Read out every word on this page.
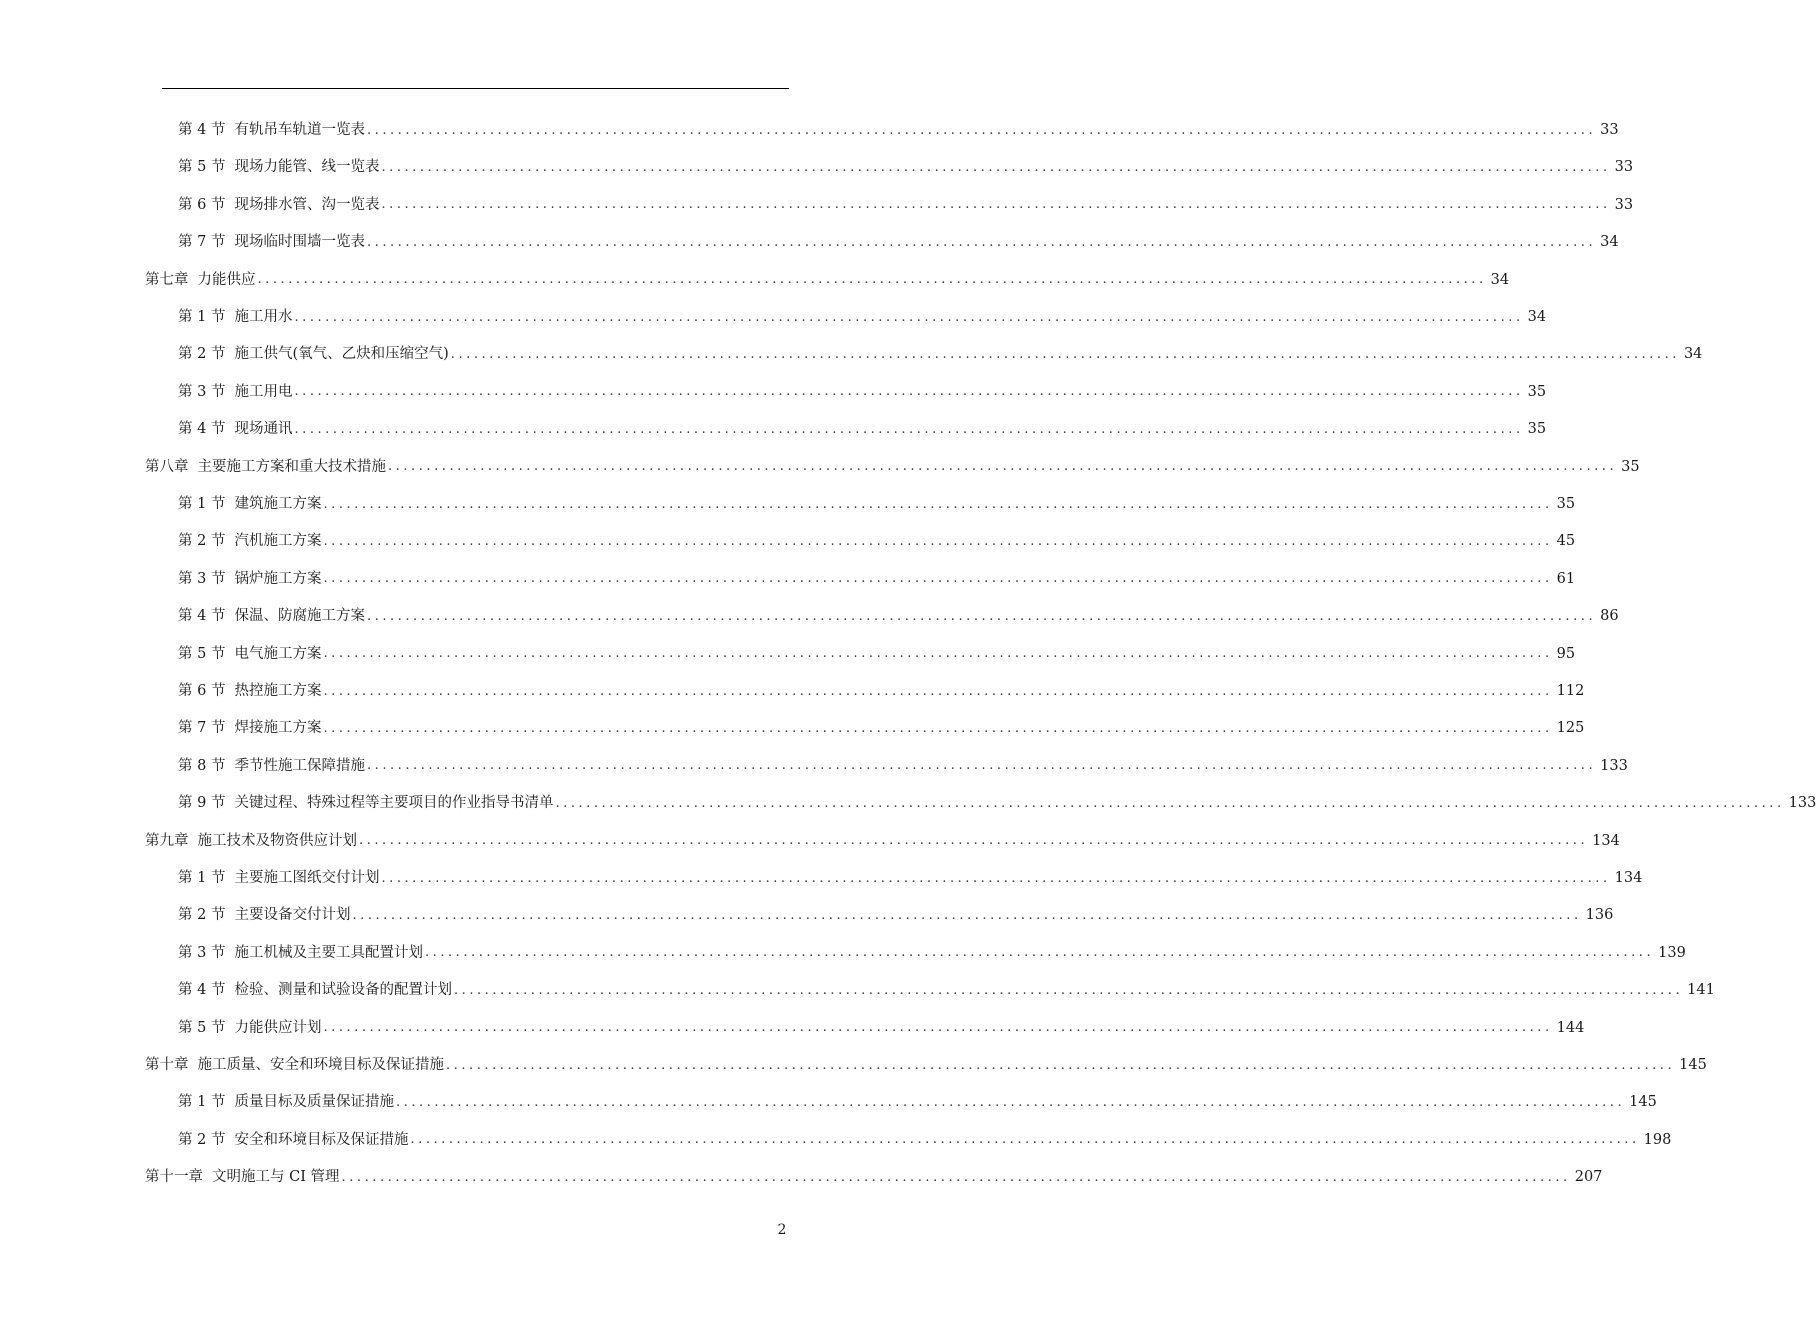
第 4 节 有轨吊车轨道一览表 ................................................................................................................................................................ 33
第 5 节 现场力能管、线一览表 ................................................................................................................................................................ 33
第 6 节 现场排水管、沟一览表 ................................................................................................................................................................ 33
第 7 节 现场临时围墙一览表 ................................................................................................................................................................ 34
第七章 力能供应 ................................................................................................................................................................ 34
第 1 节 施工用水 ................................................................................................................................................................ 34
第 2 节 施工供气(氧气、乙炔和压缩空气) ................................................................................................................................................................ 34
第 3 节 施工用电 ................................................................................................................................................................ 35
第 4 节 现场通讯 ................................................................................................................................................................ 35
第八章 主要施工方案和重大技术措施 ................................................................................................................................................................ 35
第 1 节 建筑施工方案 ................................................................................................................................................................ 35
第 2 节 汽机施工方案 ................................................................................................................................................................ 45
第 3 节 锅炉施工方案 ................................................................................................................................................................ 61
第 4 节 保温、防腐施工方案 ................................................................................................................................................................ 86
第 5 节 电气施工方案 ................................................................................................................................................................ 95
第 6 节 热控施工方案 ................................................................................................................................................................ 112
第 7 节 焊接施工方案 ................................................................................................................................................................ 125
第 8 节 季节性施工保障措施 ................................................................................................................................................................ 133
第 9 节 关键过程、特殊过程等主要项目的作业指导书清单 ................................................................................................................................................................ 133
第九章 施工技术及物资供应计划 ................................................................................................................................................................ 134
第 1 节 主要施工图纸交付计划 ................................................................................................................................................................ 134
第 2 节 主要设备交付计划 ................................................................................................................................................................ 136
第 3 节 施工机械及主要工具配置计划 ................................................................................................................................................................ 139
第 4 节 检验、测量和试验设备的配置计划 ................................................................................................................................................................ 141
第 5 节 力能供应计划 ................................................................................................................................................................ 144
第十章 施工质量、安全和环境目标及保证措施 ................................................................................................................................................................ 145
第 1 节 质量目标及质量保证措施 ................................................................................................................................................................ 145
第 2 节 安全和环境目标及保证措施 ................................................................................................................................................................ 198
第十一章 文明施工与 CI 管理 ................................................................................................................................................................ 207
2
